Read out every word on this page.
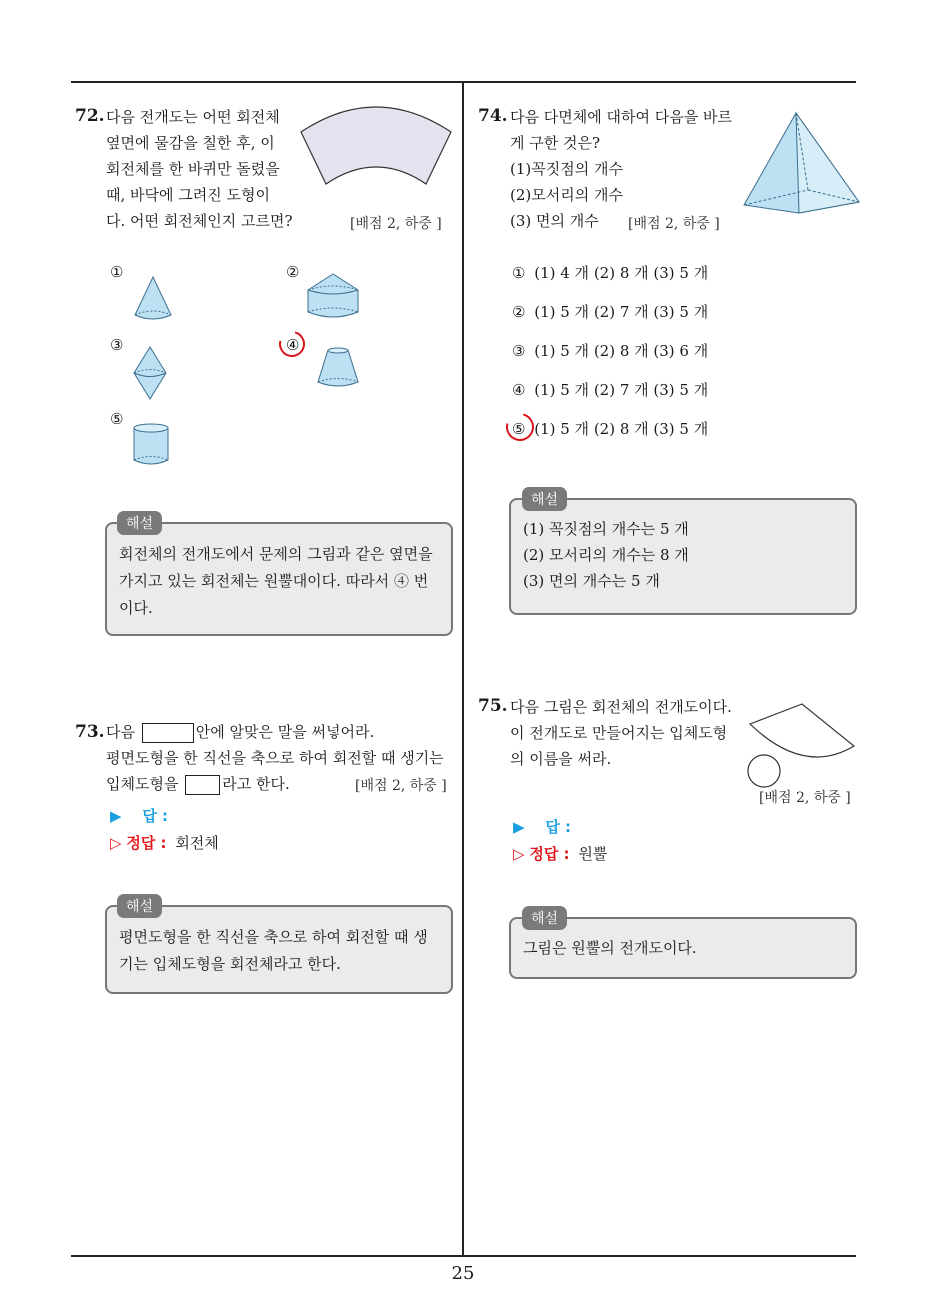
25
72. 다음 전개도는 어떤 회전체
옆면에 물감을 칠한 후, 이
회전체를 한 바퀴만 돌렸을
때, 바닥에 그려진 도형이
다. 어떤 회전체인지 고르면?	[배점 2, 하중 ]
①	②
③	④
⑤
해설
회전체의 전개도에서 문제의 그림과 같은 옆면을
가지고 있는 회전체는 원뿔대이다. 따라서 ④ 번
이다.
73. 다음	안에 알맞은 말을 써넣어라.
평면도형을 한 직선을 축으로 하여 회전할 때 생기는
입체도형을	라고 한다.	[배점 2, 하중 ]
▶ 답 :
▷ 정답 : 회전체
해설
평면도형을 한 직선을 축으로 하여 회전할 때 생
기는 입체도형을 회전체라고 한다.
74. 다음 다면체에 대하여 다음을 바르
게 구한 것은?
(1)꼭짓점의 개수
(2)모서리의 개수
(3) 면의 개수	[배점 2, 하중 ]
① (1) 4 개 (2) 8 개 (3) 5 개
② (1) 5 개 (2) 7 개 (3) 5 개
③ (1) 5 개 (2) 8 개 (3) 6 개
④ (1) 5 개 (2) 7 개 (3) 5 개
⑤ (1) 5 개 (2) 8 개 (3) 5 개
해설
(1) 꼭짓점의 개수는 5 개
(2) 모서리의 개수는 8 개
(3) 면의 개수는 5 개
75. 다음 그림은 회전체의 전개도이다.
이 전개도로 만들어지는 입체도형
의 이름을 써라.
[배점 2, 하중 ]
▶ 답 :
▷ 정답 : 원뿔
해설
그림은 원뿔의 전개도이다.
